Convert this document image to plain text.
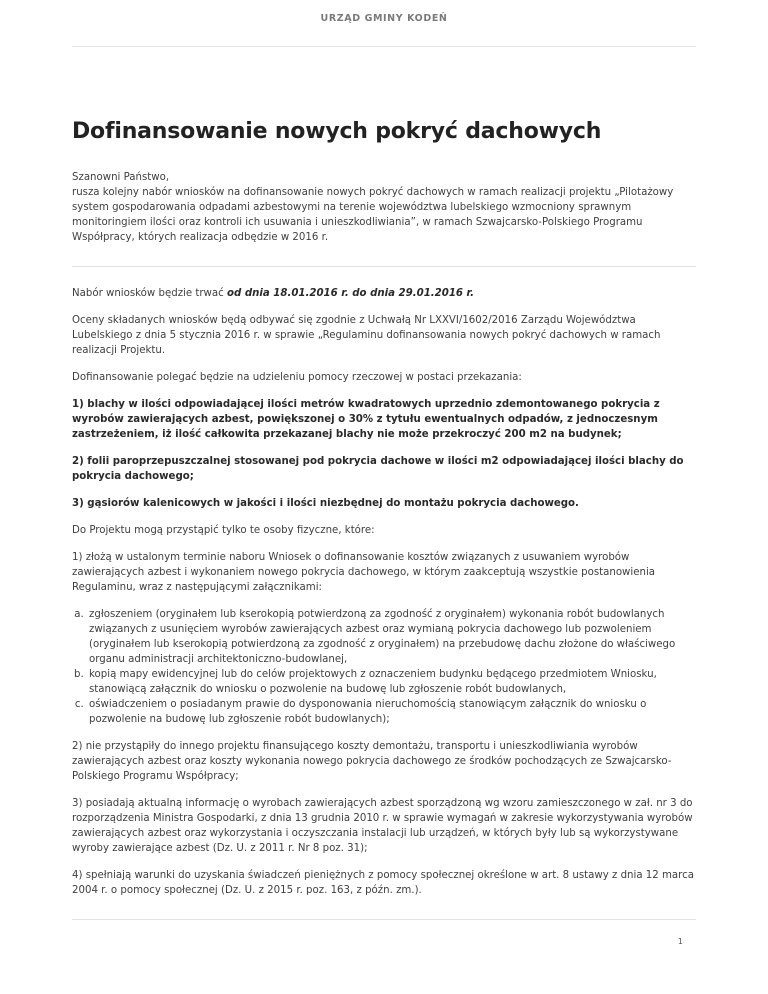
URZĄD GMINY KODEŃ
Dofinansowanie nowych pokryć dachowych

Szanowni Państwo,
rusza kolejny nabór wniosków na dofinansowanie nowych pokryć dachowych w ramach realizacji projektu „Pilotażowy system gospodarowania odpadami azbestowymi na terenie województwa lubelskiego wzmocniony sprawnym monitoringiem ilości oraz kontroli ich usuwania i unieszkodliwiania”, w ramach Szwajcarsko-Polskiego Programu Współpracy, których realizacja odbędzie w 2016 r.

Nabór wniosków będzie trwać od dnia 18.01.2016 r. do dnia 29.01.2016 r.

Oceny składanych wniosków będą odbywać się zgodnie z Uchwałą Nr LXXVI/1602/2016 Zarządu Województwa Lubelskiego z dnia 5 stycznia 2016 r. w sprawie „Regulaminu dofinansowania nowych pokryć dachowych w ramach realizacji Projektu.

Dofinansowanie polegać będzie na udzieleniu pomocy rzeczowej w postaci przekazania:

1) blachy w ilości odpowiadającej ilości metrów kwadratowych uprzednio zdemontowanego pokrycia z wyrobów zawierających azbest, powiększonej o 30% z tytułu ewentualnych odpadów, z jednoczesnym zastrzeżeniem, iż ilość całkowita przekazanej blachy nie może przekroczyć 200 m2 na budynek;

2) folii paroprzepuszczalnej stosowanej pod pokrycia dachowe w ilości m2 odpowiadającej ilości blachy do pokrycia dachowego;

3) gąsiorów kalenicowych w jakości i ilości niezbędnej do montażu pokrycia dachowego.

Do Projektu mogą przystąpić tylko te osoby fizyczne, które:

1) złożą w ustalonym terminie naboru Wniosek o dofinansowanie kosztów związanych z usuwaniem wyrobów zawierających azbest i wykonaniem nowego pokrycia dachowego, w którym zaakceptują wszystkie postanowienia Regulaminu, wraz z następującymi załącznikami:

a. zgłoszeniem (oryginałem lub kserokopią potwierdzoną za zgodność z oryginałem) wykonania robót budowlanych związanych z usunięciem wyrobów zawierających azbest oraz wymianą pokrycia dachowego lub pozwoleniem (oryginałem lub kserokopią potwierdzoną za zgodność z oryginałem) na przebudowę dachu złożone do właściwego organu administracji architektoniczno-budowlanej,
b. kopią mapy ewidencyjnej lub do celów projektowych z oznaczeniem budynku będącego przedmiotem Wniosku, stanowiącą załącznik do wniosku o pozwolenie na budowę lub zgłoszenie robót budowlanych,
c. oświadczeniem o posiadanym prawie do dysponowania nieruchomością stanowiącym załącznik do wniosku o pozwolenie na budowę lub zgłoszenie robót budowlanych);

2) nie przystąpiły do innego projektu finansującego koszty demontażu, transportu i unieszkodliwiania wyrobów zawierających azbest oraz koszty wykonania nowego pokrycia dachowego ze środków pochodzących ze Szwajcarsko-Polskiego Programu Współpracy;

3) posiadają aktualną informację o wyrobach zawierających azbest sporządzoną wg wzoru zamieszczonego w zał. nr 3 do rozporządzenia Ministra Gospodarki, z dnia 13 grudnia 2010 r. w sprawie wymagań w zakresie wykorzystywania wyrobów zawierających azbest oraz wykorzystania i oczyszczania instalacji lub urządzeń, w których były lub są wykorzystywane wyroby zawierające azbest (Dz. U. z 2011 r. Nr 8 poz. 31);

4) spełniają warunki do uzyskania świadczeń pieniężnych z pomocy społecznej określone w art. 8 ustawy z dnia 12 marca 2004 r. o pomocy społecznej (Dz. U. z 2015 r. poz. 163, z późn. zm.).

1
